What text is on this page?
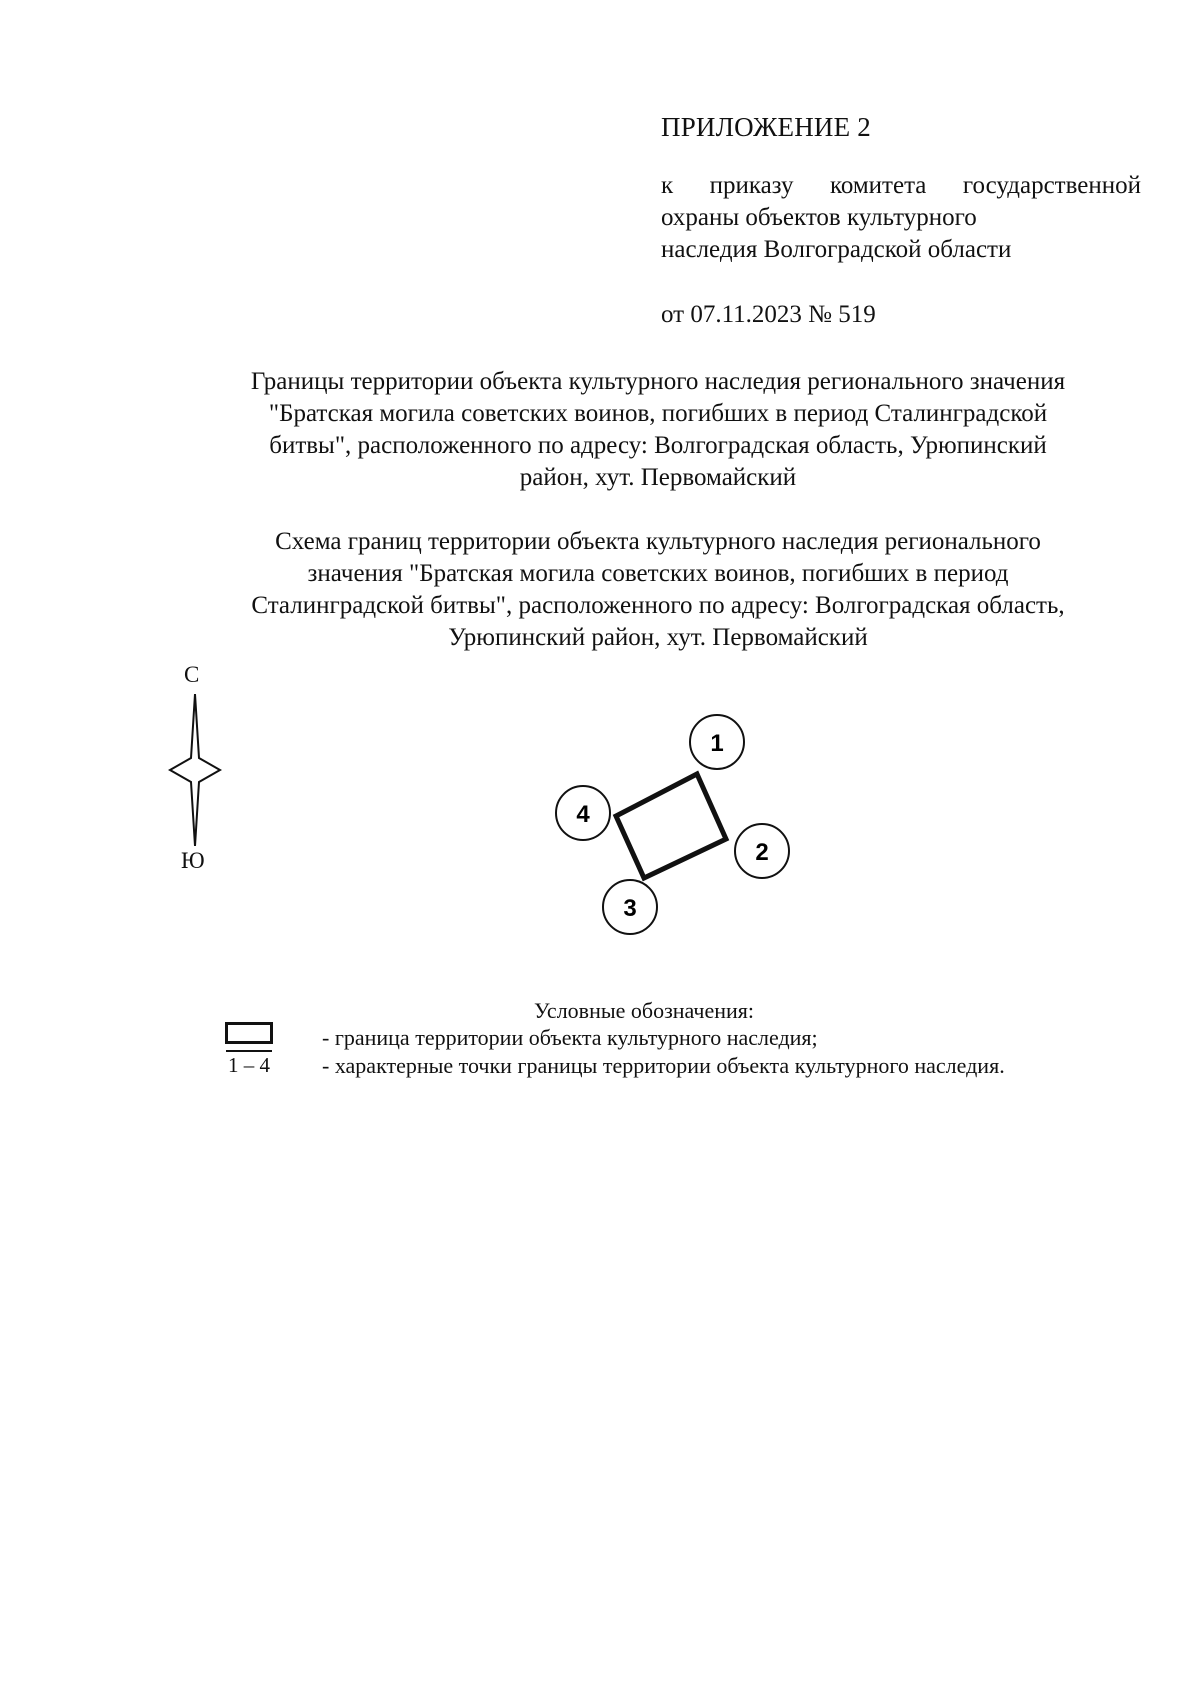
ПРИЛОЖЕНИЕ 2
к приказу комитета государственной
охраны объектов культурного
наследия Волгоградской области
от 07.11.2023 № 519
Границы территории объекта культурного наследия регионального значения
"Братская могила советских воинов, погибших в период Сталинградской
битвы", расположенного по адресу: Волгоградская область, Урюпинский
район, хут. Первомайский
Схема границ территории объекта культурного наследия регионального
значения "Братская могила советских воинов, погибших в период
Сталинградской битвы", расположенного по адресу: Волгоградская область,
Урюпинский район, хут. Первомайский
С
Ю
1
2
3
4
Условные обозначения:
1 – 4
- граница территории объекта культурного наследия;
- характерные точки границы территории объекта культурного наследия.
